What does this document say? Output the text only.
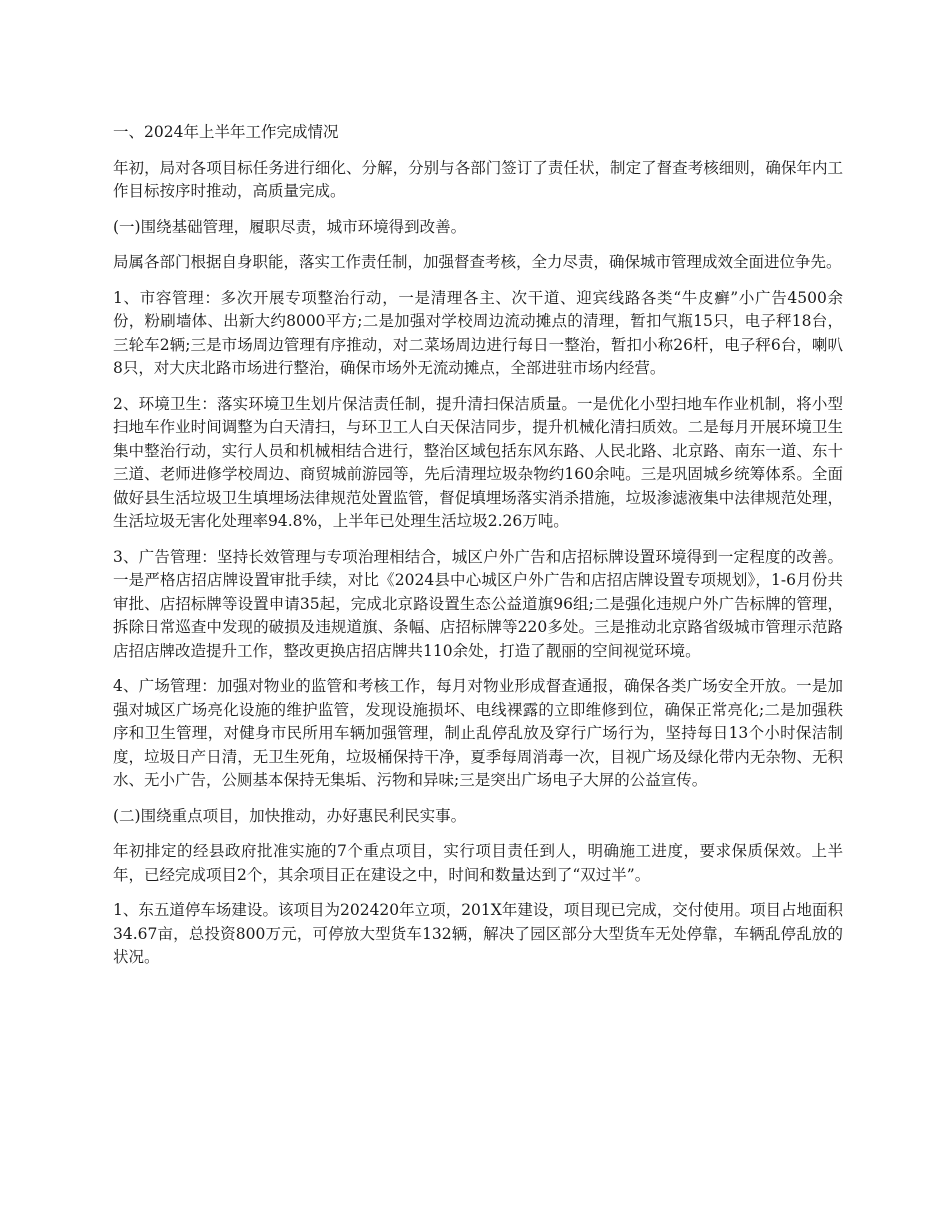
一、2024年上半年工作完成情况

年初，局对各项目标任务进行细化、分解，分别与各部门签订了责任状，制定了督查考核细则，确保年内工作目标按序时推动，高质量完成。

(一)围绕基础管理，履职尽责，城市环境得到改善。

局属各部门根据自身职能，落实工作责任制，加强督查考核，全力尽责，确保城市管理成效全面进位争先。

1、市容管理：多次开展专项整治行动，一是清理各主、次干道、迎宾线路各类“牛皮癣”小广告4500余份，粉刷墙体、出新大约8000平方;二是加强对学校周边流动摊点的清理，暂扣气瓶15只，电子秤18台，三轮车2辆;三是市场周边管理有序推动，对二菜场周边进行每日一整治，暂扣小称26杆，电子秤6台，喇叭8只，对大庆北路市场进行整治，确保市场外无流动摊点，全部进驻市场内经营。

2、环境卫生：落实环境卫生划片保洁责任制，提升清扫保洁质量。一是优化小型扫地车作业机制，将小型扫地车作业时间调整为白天清扫，与环卫工人白天保洁同步，提升机械化清扫质效。二是每月开展环境卫生集中整治行动，实行人员和机械相结合进行，整治区域包括东风东路、人民北路、北京路、南东一道、东十三道、老师进修学校周边、商贸城前游园等，先后清理垃圾杂物约160余吨。三是巩固城乡统筹体系。全面做好县生活垃圾卫生填埋场法律规范处置监管，督促填埋场落实消杀措施，垃圾渗滤液集中法律规范处理，生活垃圾无害化处理率94.8%，上半年已处理生活垃圾2.26万吨。

3、广告管理：坚持长效管理与专项治理相结合，城区户外广告和店招标牌设置环境得到一定程度的改善。一是严格店招店牌设置审批手续，对比《2024县中心城区户外广告和店招店牌设置专项规划》，1-6月份共审批、店招标牌等设置申请35起，完成北京路设置生态公益道旗96组;二是强化违规户外广告标牌的管理，拆除日常巡查中发现的破损及违规道旗、条幅、店招标牌等220多处。三是推动北京路省级城市管理示范路店招店牌改造提升工作，整改更换店招店牌共110余处，打造了靓丽的空间视觉环境。

4、广场管理：加强对物业的监管和考核工作，每月对物业形成督查通报，确保各类广场安全开放。一是加强对城区广场亮化设施的维护监管，发现设施损坏、电线裸露的立即维修到位，确保正常亮化;二是加强秩序和卫生管理，对健身市民所用车辆加强管理，制止乱停乱放及穿行广场行为，坚持每日13个小时保洁制度，垃圾日产日清，无卫生死角，垃圾桶保持干净，夏季每周消毒一次，目视广场及绿化带内无杂物、无积水、无小广告，公厕基本保持无集垢、污物和异味;三是突出广场电子大屏的公益宣传。

(二)围绕重点项目，加快推动，办好惠民利民实事。

年初排定的经县政府批准实施的7个重点项目，实行项目责任到人，明确施工进度，要求保质保效。上半年，已经完成项目2个，其余项目正在建设之中，时间和数量达到了“双过半”。

1、东五道停车场建设。该项目为202420年立项，201X年建设，项目现已完成，交付使用。项目占地面积34.67亩，总投资800万元，可停放大型货车132辆，解决了园区部分大型货车无处停靠，车辆乱停乱放的状况。
